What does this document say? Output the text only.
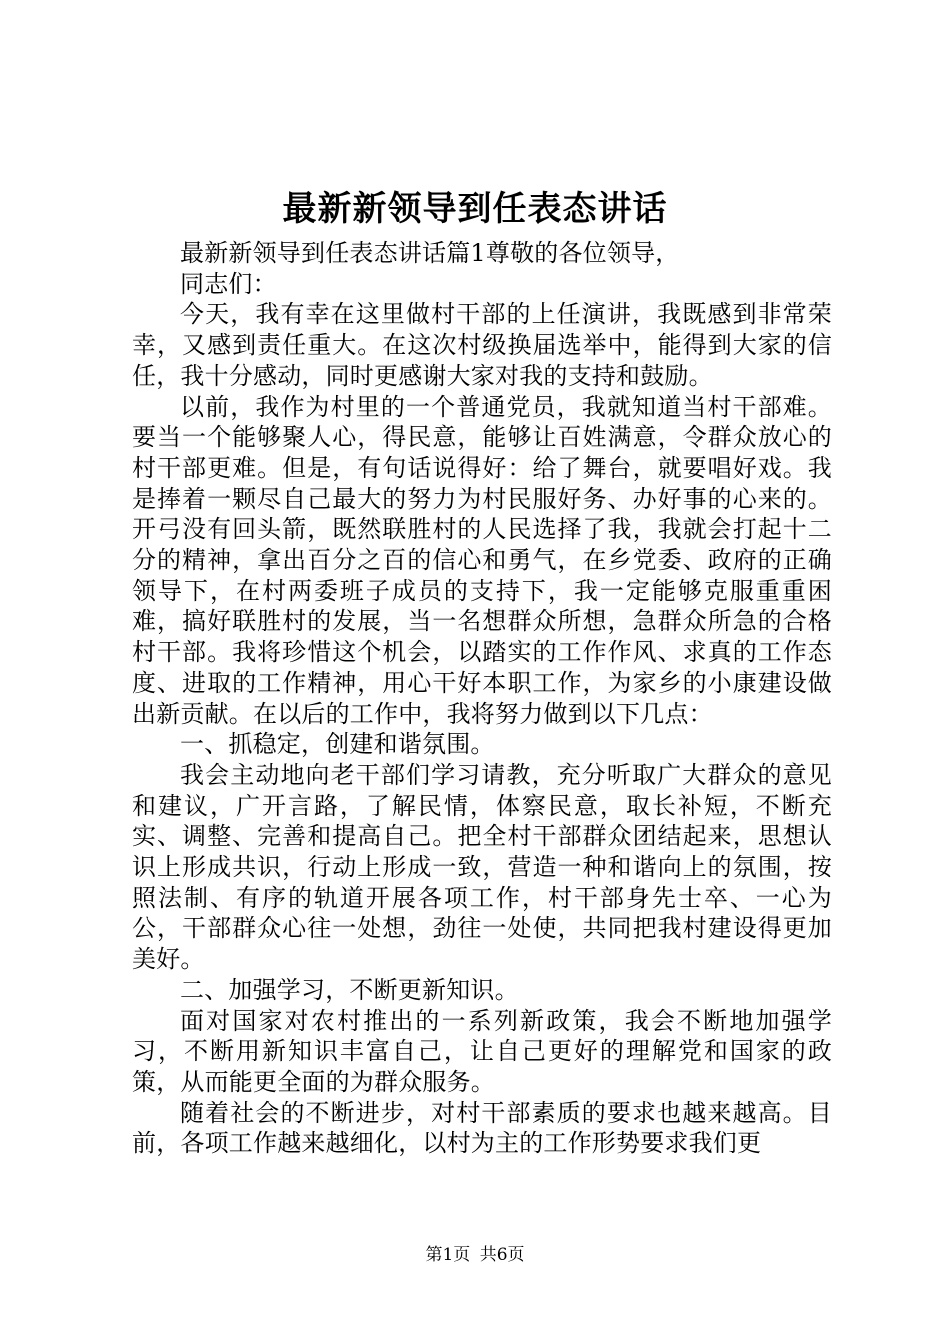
最新新领导到任表态讲话

最新新领导到任表态讲话篇1尊敬的各位领导，

同志们：

今天，我有幸在这里做村干部的上任演讲，我既感到非常荣幸，又感到责任重大。在这次村级换届选举中，能得到大家的信任，我十分感动，同时更感谢大家对我的支持和鼓励。

以前，我作为村里的一个普通党员，我就知道当村干部难。要当一个能够聚人心，得民意，能够让百姓满意，令群众放心的村干部更难。但是，有句话说得好：给了舞台，就要唱好戏。我是捧着一颗尽自己最大的努力为村民服好务、办好事的心来的。开弓没有回头箭，既然联胜村的人民选择了我，我就会打起十二分的精神，拿出百分之百的信心和勇气，在乡党委、政府的正确领导下，在村两委班子成员的支持下，我一定能够克服重重困难，搞好联胜村的发展，当一名想群众所想，急群众所急的合格村干部。我将珍惜这个机会，以踏实的工作作风、求真的工作态度、进取的工作精神，用心干好本职工作，为家乡的小康建设做出新贡献。在以后的工作中，我将努力做到以下几点：

一、抓稳定，创建和谐氛围。

我会主动地向老干部们学习请教，充分听取广大群众的意见和建议，广开言路，了解民情，体察民意，取长补短，不断充实、调整、完善和提高自己。把全村干部群众团结起来，思想认识上形成共识，行动上形成一致，营造一种和谐向上的氛围，按照法制、有序的轨道开展各项工作，村干部身先士卒、一心为公，干部群众心往一处想，劲往一处使，共同把我村建设得更加美好。

二、加强学习，不断更新知识。

面对国家对农村推出的一系列新政策，我会不断地加强学习，不断用新知识丰富自己，让自己更好的理解党和国家的政策，从而能更全面的为群众服务。

随着社会的不断进步，对村干部素质的要求也越来越高。目前，各项工作越来越细化，以村为主的工作形势要求我们更

第1页 共6页
